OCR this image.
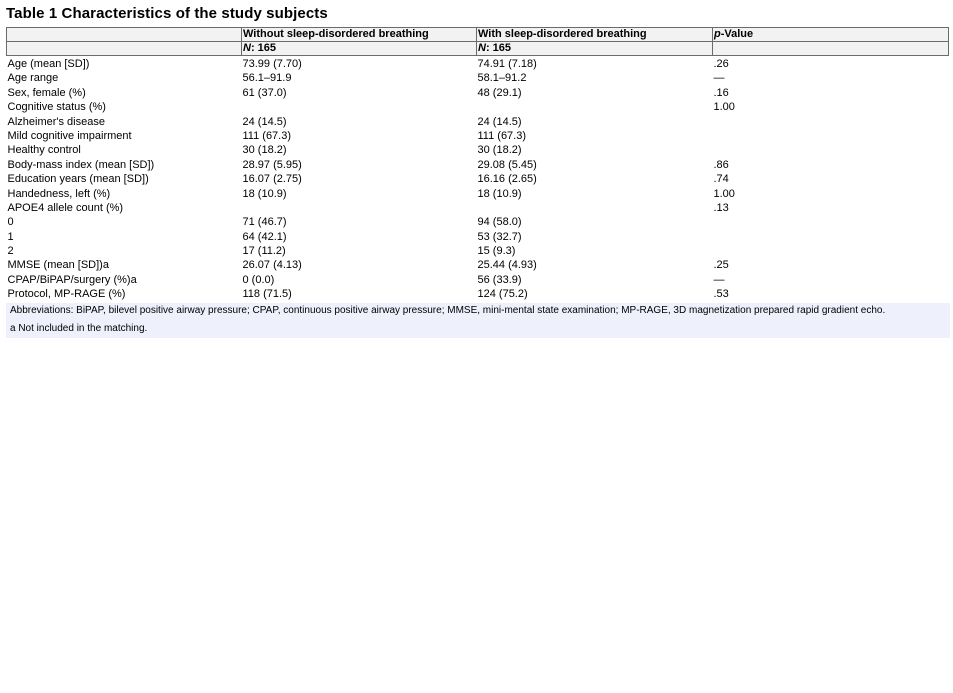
Table 1 Characteristics of the study subjects
	Without sleep-disordered breathing	With sleep-disordered breathing	p-Value
	N: 165	N: 165	
Age (mean [SD])	73.99 (7.70)	74.91 (7.18)	.26
Age range	56.1–91.9	58.1–91.2	—
Sex, female (%)	61 (37.0)	48 (29.1)	.16
Cognitive status (%)			1.00
Alzheimer's disease	24 (14.5)	24 (14.5)	
Mild cognitive impairment	111 (67.3)	111 (67.3)	
Healthy control	30 (18.2)	30 (18.2)	
Body-mass index (mean [SD])	28.97 (5.95)	29.08 (5.45)	.86
Education years (mean [SD])	16.07 (2.75)	16.16 (2.65)	.74
Handedness, left (%)	18 (10.9)	18 (10.9)	1.00
APOE4 allele count (%)			.13
0	71 (46.7)	94 (58.0)	
1	64 (42.1)	53 (32.7)	
2	17 (11.2)	15 (9.3)	
MMSE (mean [SD])a	26.07 (4.13)	25.44 (4.93)	.25
CPAP/BiPAP/surgery (%)a	0 (0.0)	56 (33.9)	—
Protocol, MP-RAGE (%)	118 (71.5)	124 (75.2)	.53

Abbreviations: BiPAP, bilevel positive airway pressure; CPAP, continuous positive airway pressure; MMSE, mini-mental state examination; MP-RAGE, 3D magnetization prepared rapid gradient echo.

a Not included in the matching.
